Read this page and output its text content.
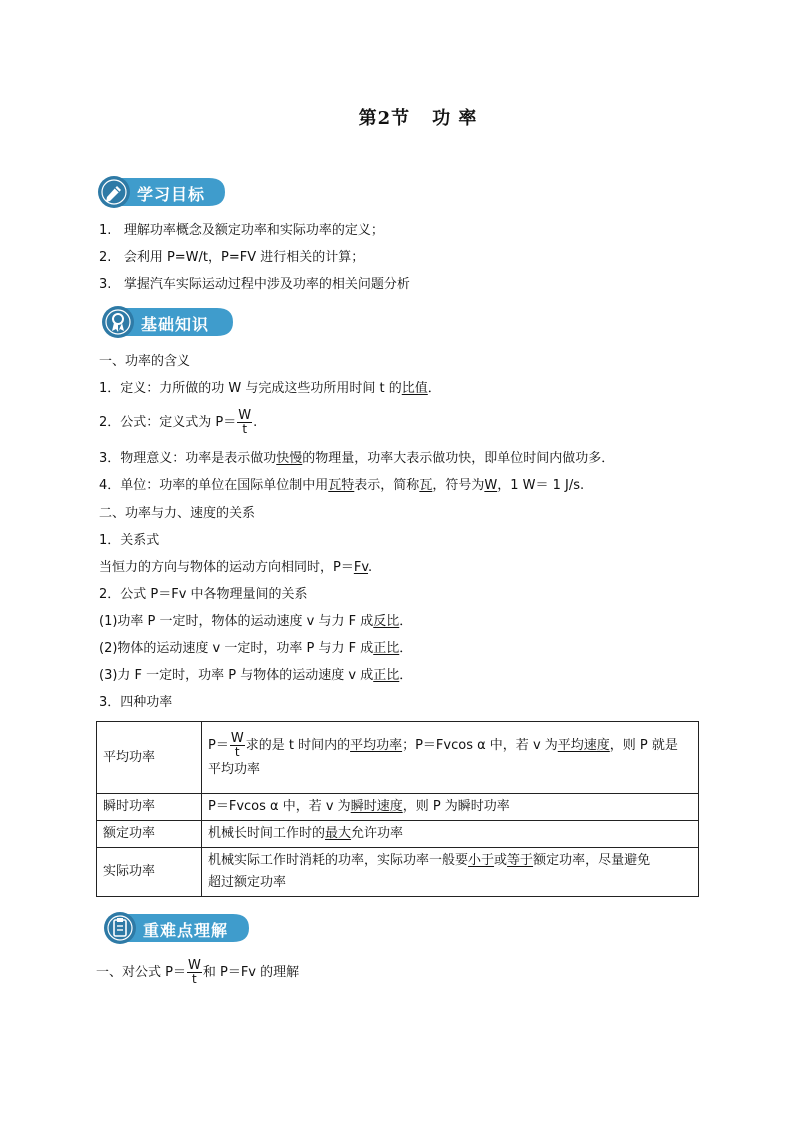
第2节 功 率
学习目标
1. 理解功率概念及额定功率和实际功率的定义；
2. 会利用 P=W/t，P=FV 进行相关的计算；
3. 掌握汽车实际运动过程中涉及功率的相关问题分析
基础知识
一、功率的含义
1．定义：力所做的功 W 与完成这些功所用时间 t 的比值．
2．公式：定义式为 $P= \frac{W}{t}$ .
3．物理意义：功率是表示做功快慢的物理量，功率大表示做功快，即单位时间内做功多．
4．单位：功率的单位在国际单位制中用瓦特表示，简称瓦，符号为W，1 W＝ 1 J/s.
二、功率与力、速度的关系
1．关系式
当恒力的方向与物体的运动方向相同时，P＝Fv.
2．公式 P＝Fv 中各物理量间的关系
(1)功率 P 一定时，物体的运动速度 v 与力 F 成反比．
(2)物体的运动速度 v 一定时，功率 P 与力 F 成正比．
(3)力 F 一定时，功率 P 与物体的运动速度 v 成正比．
3．四种功率
平均功率	$P= \frac{W}{t}$ 求的是 t 时间内的平均功率；P＝Fvcos α 中，若 v 为平均速度，则 P 就是
平均功率
瞬时功率	P＝Fvcos α 中，若 v 为瞬时速度，则 P 为瞬时功率
额定功率	机械长时间工作时的最大允许功率
实际功率	机械实际工作时消耗的功率，实际功率一般要小于或等于额定功率，尽量避免
超过额定功率
重难点理解
一、对公式 $P= \frac{W}{t}$ 和 P＝Fv 的理解
